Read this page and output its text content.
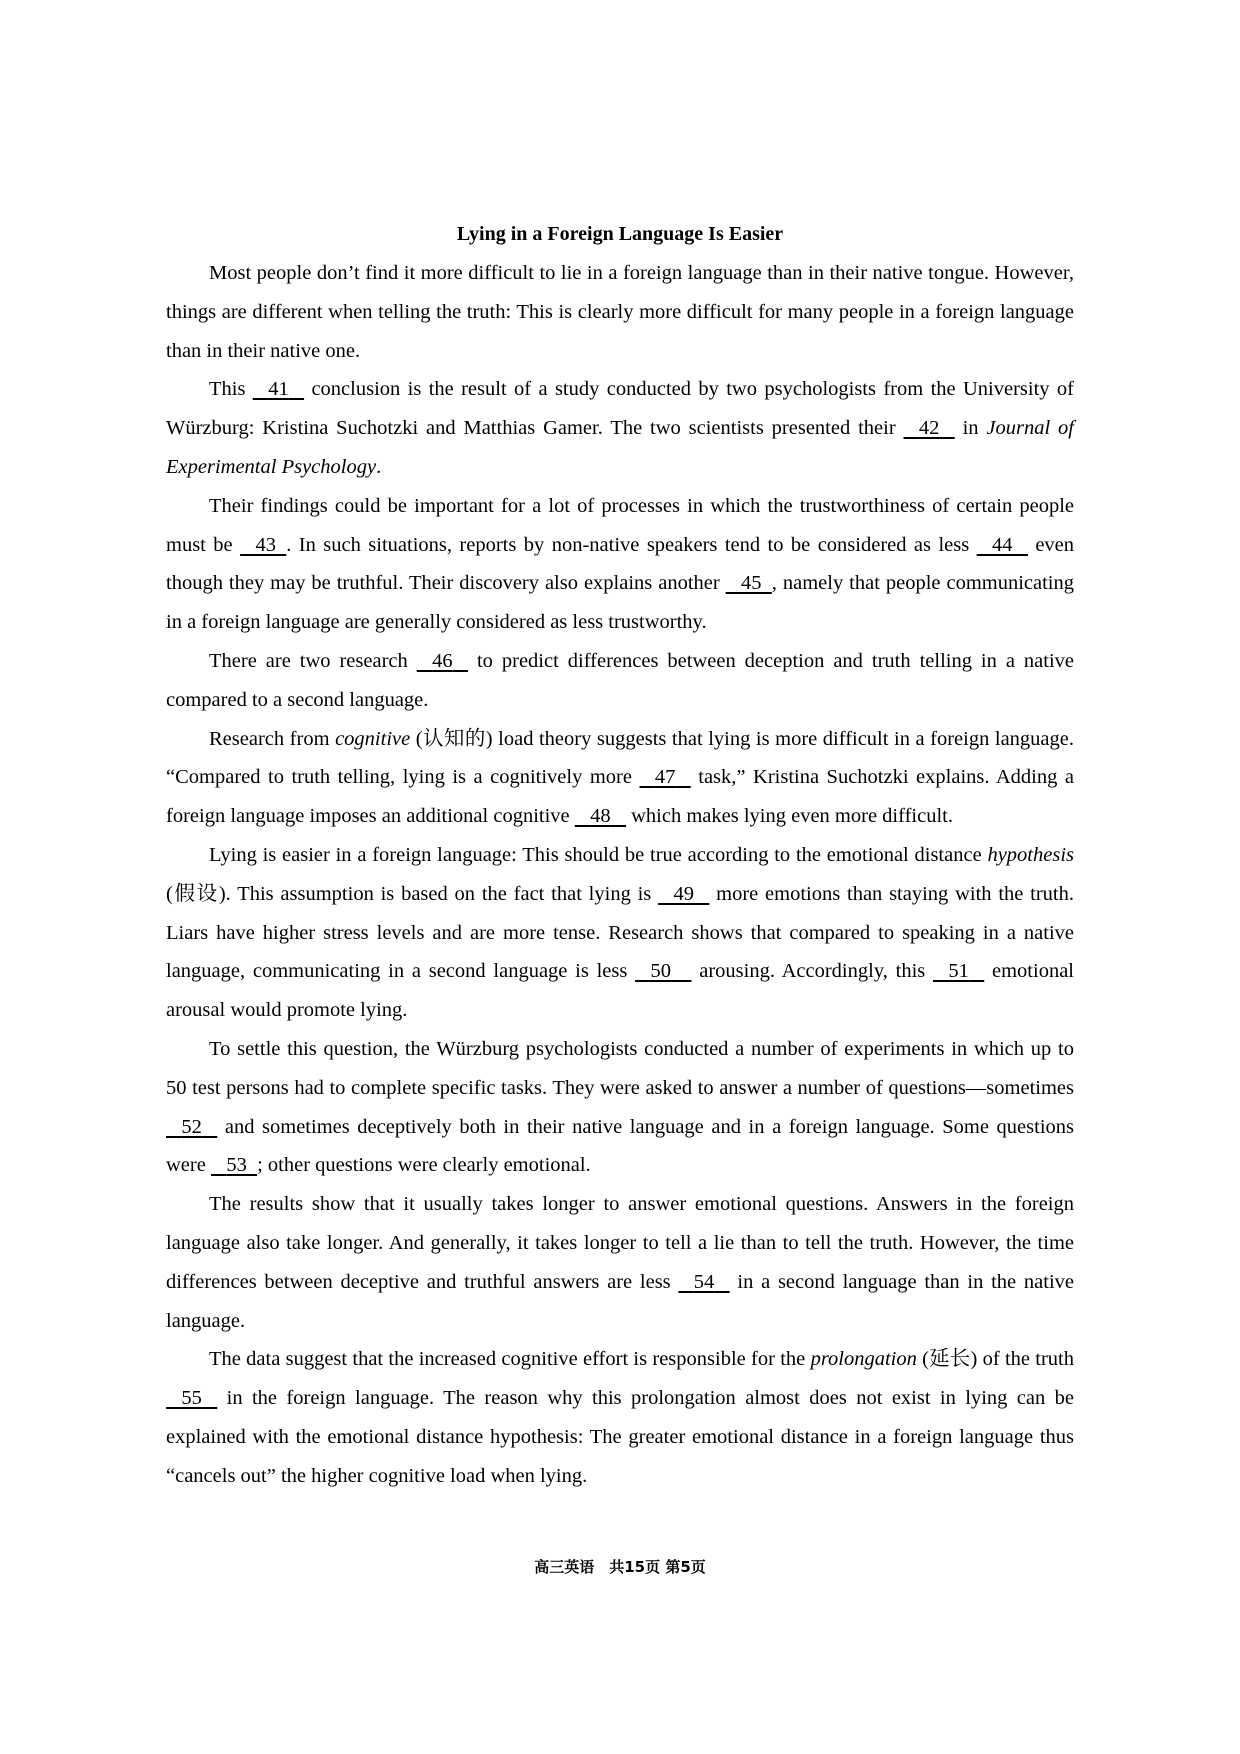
Lying in a Foreign Language Is Easier

Most people don’t find it more difficult to lie in a foreign language than in their native tongue. However, things are different when telling the truth: This is clearly more difficult for many people in a foreign language than in their native one.

This    41    conclusion is the result of a study conducted by two psychologists from the University of Würzburg: Kristina Suchotzki and Matthias Gamer. The two scientists presented their    42    in Journal of Experimental Psychology.

Their findings could be important for a lot of processes in which the trustworthiness of certain people must be    43 . In such situations, reports by non-native speakers tend to be considered as less    44    even though they may be truthful. Their discovery also explains another    45 , namely that people communicating in a foreign language are generally considered as less trustworthy.

There are two research    46    to predict differences between deception and truth telling in a native compared to a second language.

Research from cognitive (认知的) load theory suggests that lying is more difficult in a foreign language. “Compared to truth telling, lying is a cognitively more    47    task,” Kristina Suchotzki explains. Adding a foreign language imposes an additional cognitive    48    which makes lying even more difficult.

Lying is easier in a foreign language: This should be true according to the emotional distance hypothesis (假设). This assumption is based on the fact that lying is    49    more emotions than staying with the truth. Liars have higher stress levels and are more tense. Research shows that compared to speaking in a native language, communicating in a second language is less    50     arousing. Accordingly, this    51    emotional arousal would promote lying.

To settle this question, the Würzburg psychologists conducted a number of experiments in which up to 50 test persons had to complete specific tasks. They were asked to answer a number of questions—sometimes    52    and sometimes deceptively both in their native language and in a foreign language. Some questions were    53 ; other questions were clearly emotional.

The results show that it usually takes longer to answer emotional questions. Answers in the foreign language also take longer. And generally, it takes longer to tell a lie than to tell the truth. However, the time differences between deceptive and truthful answers are less    54    in a second language than in the native language.

The data suggest that the increased cognitive effort is responsible for the prolongation (延长) of the truth    55    in the foreign language. The reason why this prolongation almost does not exist in lying can be explained with the emotional distance hypothesis: The greater emotional distance in a foreign language thus “cancels out” the higher cognitive load when lying.

高三英语　共15页 第5页
